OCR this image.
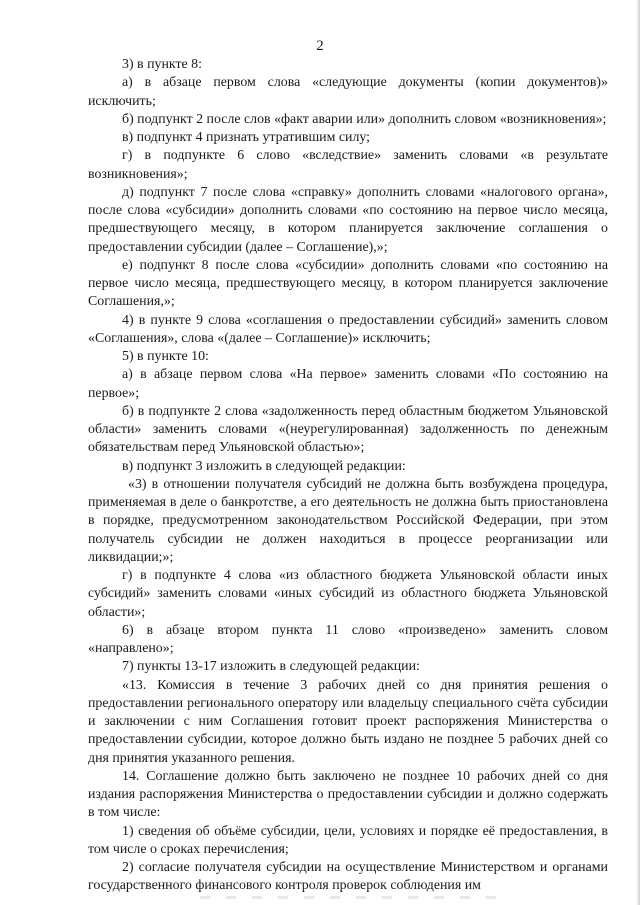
2

3) в пункте 8:

а) в абзаце первом слова «следующие документы (копии документов)» исключить;

б) подпункт 2 после слов «факт аварии или» дополнить словом «возникновения»;

в) подпункт 4 признать утратившим силу;

г) в подпункте 6 слово «вследствие» заменить словами «в результате возникновения»;

д) подпункт 7 после слова «справку» дополнить словами «налогового органа», после слова «субсидии» дополнить словами «по состоянию на первое число месяца, предшествующего месяцу, в котором планируется заключение соглашения о предоставлении субсидии (далее – Соглашение),»;

е) подпункт 8 после слова «субсидии» дополнить словами «по состоянию на первое число месяца, предшествующего месяцу, в котором планируется заключение Соглашения,»;

4) в пункте 9 слова «соглашения о предоставлении субсидий» заменить словом «Соглашения», слова «(далее – Соглашение)» исключить;

5) в пункте 10:

а) в абзаце первом слова «На первое» заменить словами «По состоянию на первое»;

б) в подпункте 2 слова «задолженность перед областным бюджетом Ульяновской области» заменить словами «(неурегулированная) задолженность по денежным обязательствам перед Ульяновской областью»;

в) подпункт 3 изложить в следующей редакции:

«3) в отношении получателя субсидий не должна быть возбуждена процедура, применяемая в деле о банкротстве, а его деятельность не должна быть приостановлена в порядке, предусмотренном законодательством Российской Федерации, при этом получатель субсидии не должен находиться в процессе реорганизации или ликвидации;»;

г) в подпункте 4 слова «из областного бюджета Ульяновской области иных субсидий» заменить словами «иных субсидий из областного бюджета Ульяновской области»;

6) в абзаце втором пункта 11 слово «произведено» заменить словом «направлено»;

7) пункты 13-17 изложить в следующей редакции:

«13. Комиссия в течение 3 рабочих дней со дня принятия решения о предоставлении регионального оператору или владельцу специального счёта субсидии и заключении с ним Соглашения готовит проект распоряжения Министерства о предоставлении субсидии, которое должно быть издано не позднее 5 рабочих дней со дня принятия указанного решения.

14. Соглашение должно быть заключено не позднее 10 рабочих дней со дня издания распоряжения Министерства о предоставлении субсидии и должно содержать в том числе:

1) сведения об объёме субсидии, цели, условиях и порядке её предоставления, в том числе о сроках перечисления;

2) согласие получателя субсидии на осуществление Министерством и органами государственного финансового контроля проверок соблюдения им
